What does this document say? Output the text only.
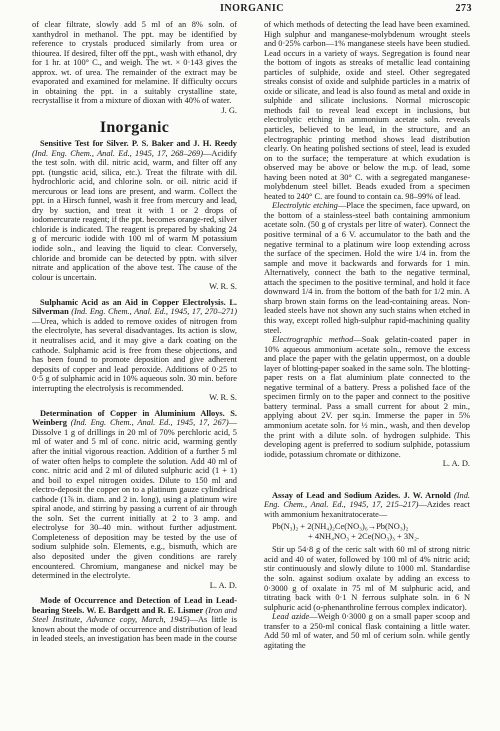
INORGANIC	273

of clear filtrate, slowly add 5 ml of an 8% soln. of xanthydrol in methanol. The ppt. may be identified by reference to crystals produced similarly from urea or thiourea. If desired, filter off the ppt., wash with ethanol, dry for 1 hr. at 100° C., and weigh. The wt. × 0·143 gives the approx. wt. of urea. The remainder of the extract may be evaporated and examined for melamine. If difficulty occurs in obtaining the ppt. in a suitably crystalline state, recrystallise it from a mixture of dioxan with 40% of water.

J. G.

Inorganic

Sensitive Test for Silver. P. S. Baker and J. H. Reedy (Ind. Eng. Chem., Anal. Ed., 1945, 17, 268–269)—Acidify the test soln. with dil. nitric acid, warm, and filter off any ppt. (tungstic acid, silica, etc.). Treat the filtrate with dil. hydrochloric acid, and chlorine soln. or oil. nitric acid if mercurous or lead ions are present, and warm. Collect the ppt. in a Hirsch funnel, wash it free from mercury and lead, dry by suction, and treat it with 1 or 2 drops of iodomercurate reagent; if the ppt. becomes orange-red, silver chloride is indicated. The reagent is prepared by shaking 24 g of mercuric iodide with 100 ml of warm M potassium iodide soln., and leaving the liquid to clear. Conversely, chloride and bromide can be detected by pptn. with silver nitrate and application of the above test. The cause of the colour is uncertain.

W. R. S.

Sulphamic Acid as an Aid in Copper Electrolysis. L. Silverman (Ind. Eng. Chem., Anal. Ed., 1945, 17, 270–271)—Urea, which is added to remove oxides of nitrogen from the electrolyte, has several disadvantages. Its action is slow, it neutralises acid, and it may give a dark coating on the cathode. Sulphamic acid is free from these objections, and has been found to promote deposition and give adherent deposits of copper and lead peroxide. Additions of 0·25 to 0·5 g of sulphamic acid in 10% aqueous soln. 30 min. before interrupting the electrolysis is recommended.

W. R. S.

Determination of Copper in Aluminium Alloys. S. Weinberg (Ind. Eng. Chem., Anal. Ed., 1945, 17, 267)—Dissolve 1 g of drillings in 20 ml of 70% perchloric acid, 5 ml of water and 5 ml of conc. nitric acid, warming gently after the initial vigorous reaction. Addition of a further 5 ml of water often helps to complete the solution. Add 40 ml of conc. nitric acid and 2 ml of diluted sulphuric acid (1 + 1) and boil to expel nitrogen oxides. Dilute to 150 ml and electro-deposit the copper on to a platinum gauze cylindrical cathode (1⅞ in. diam. and 2 in. long), using a platinum wire spiral anode, and stirring by passing a current of air through the soln. Set the current initially at 2 to 3 amp. and electrolyse for 30–40 min. without further adjustment. Completeness of deposition may be tested by the use of sodium sulphide soln. Elements, e.g., bismuth, which are also deposited under the given conditions are rarely encountered. Chromium, manganese and nickel may be determined in the electrolyte.

L. A. D.

Mode of Occurrence and Detection of Lead in Lead-bearing Steels. W. E. Bardgett and R. E. Lismer (Iron and Steel Institute, Advance copy, March, 1945)—As little is known about the mode of occurrence and distribution of lead in leaded steels, an investigation has been made in the course

of which methods of detecting the lead have been examined. High sulphur and manganese-molybdenum wrought steels and 0·25% carbon—1% manganese steels have been studied. Lead occurs in a variety of ways. Segregation is found near the bottom of ingots as streaks of metallic lead containing particles of sulphide, oxide and steel. Other segregated streaks consist of oxide and sulphide particles in a matrix of oxide or silicate, and lead is also found as metal and oxide in sulphide and silicate inclusions. Normal microscopic methods fail to reveal lead except in inclusions, but electrolytic etching in ammonium acetate soln. reveals particles, believed to be lead, in the structure, and an electrographic printing method shows lead distribution clearly. On heating polished sections of steel, lead is exuded on to the surface; the temperature at which exudation is observed may be above or below the m.p. of lead, some having been noted at 30° C. with a segregated manganese-molybdenum steel billet. Beads exuded from a specimen heated to 240° C. are found to contain ca. 98–99% of lead.

Electrolytic etching—Place the specimen, face upward, on the bottom of a stainless-steel bath containing ammonium acetate soln. (50 g of crystals per litre of water). Connect the positive terminal of a 6 V. accumulator to the bath and the negative terminal to a platinum wire loop extending across the surface of the specimen. Hold the wire 1/4 in. from the sample and move it backwards and forwards for 1 min. Alternatively, connect the bath to the negative terminal, attach the specimen to the positive terminal, and hold it face downward 1/4 in. from the bottom of the bath for 1/2 min. A sharp brown stain forms on the lead-containing areas. Non-leaded steels have not shown any such stains when etched in this way, except rolled high-sulphur rapid-machining quality steel.

Electrographic method—Soak gelatin-coated paper in 10% aqueous ammonium acetate soln., remove the excess and place the paper with the gelatin uppermost, on a double layer of blotting-paper soaked in the same soln. The blotting-paper rests on a flat aluminium plate connected to the negative terminal of a battery. Press a polished face of the specimen firmly on to the paper and connect to the positive battery terminal. Pass a small current for about 2 min., applying about 2V. per sq.in. Immerse the paper in 5% ammonium acetate soln. for ½ min., wash, and then develop the print with a dilute soln. of hydrogen sulphide. This developing agent is preferred to sodium sulphide, potassium iodide, potassium chromate or dithizone.

L. A. D.

Assay of Lead and Sodium Azides. J. W. Arnold (Ind. Eng. Chem., Anal. Ed., 1945, 17, 215–217)—Azides react with ammonium hexanitratocerate—

Pb(N₃)₂ + 2(NH₄)₂Ce(NO₃)₆→Pb(NO₃)₂
+ 4NH₄NO₃ + 2Ce(NO₃)₃ + 3N₂.

Stir up 54·8 g of the ceric salt with 60 ml of strong nitric acid and 40 of water, followed by 100 ml of 4% nitric acid; stir continuously and slowly dilute to 1000 ml. Standardise the soln. against sodium oxalate by adding an excess to 0·3000 g of oxalate in 75 ml of M sulphuric acid, and titrating back with 0·1 N ferrous sulphate soln. in 6 N sulphuric acid (o-phenanthroline ferrous complex indicator).

Lead azide—Weigh 0·3000 g on a small paper scoop and transfer to a 250-ml conical flask containing a little water. Add 50 ml of water, and 50 ml of cerium soln. while gently agitating the
